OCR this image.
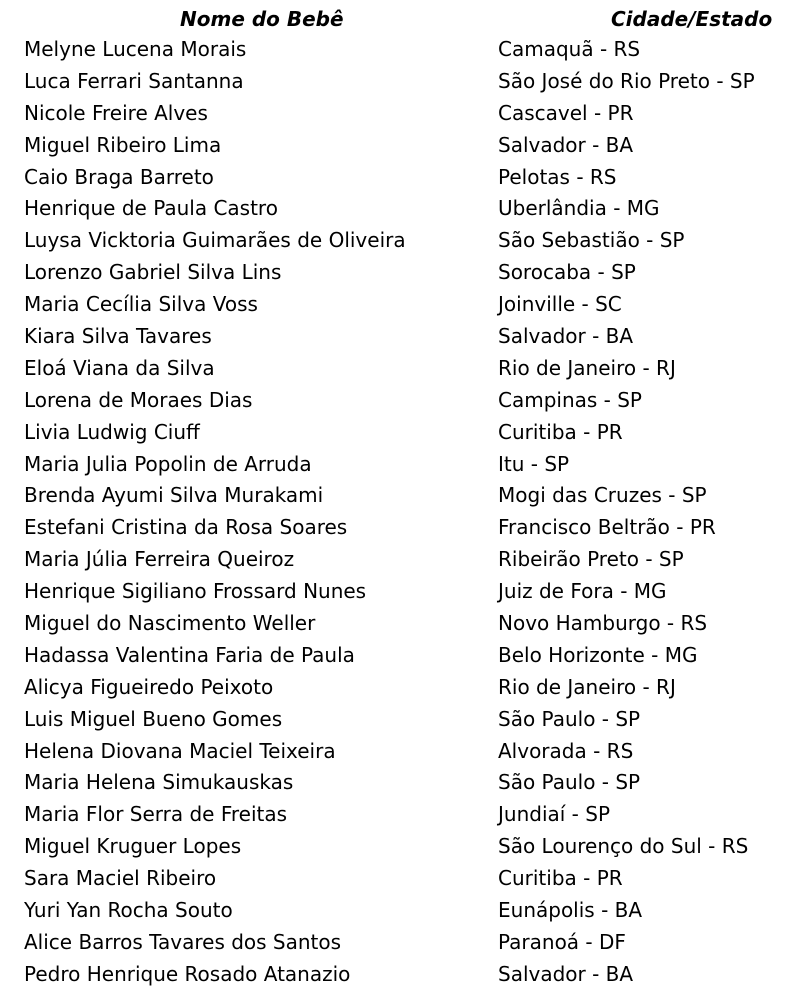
Nome do Bebê	Cidade/Estado
Melyne Lucena Morais	Camaquã - RS
Luca Ferrari Santanna	São José do Rio Preto - SP
Nicole Freire Alves	Cascavel - PR
Miguel Ribeiro Lima	Salvador - BA
Caio Braga Barreto	Pelotas - RS
Henrique de Paula Castro	Uberlândia - MG
Luysa Vicktoria Guimarães de Oliveira	São Sebastião - SP
Lorenzo Gabriel Silva Lins	Sorocaba - SP
Maria Cecília Silva Voss	Joinville - SC
Kiara Silva Tavares	Salvador - BA
Eloá Viana da Silva	Rio de Janeiro - RJ
Lorena de Moraes Dias	Campinas - SP
Livia Ludwig Ciuff	Curitiba - PR
Maria Julia Popolin de Arruda	Itu - SP
Brenda Ayumi Silva Murakami	Mogi das Cruzes - SP
Estefani Cristina da Rosa Soares	Francisco Beltrão - PR
Maria Júlia Ferreira Queiroz	Ribeirão Preto - SP
Henrique Sigiliano Frossard Nunes	Juiz de Fora - MG
Miguel do Nascimento Weller	Novo Hamburgo - RS
Hadassa Valentina Faria de Paula	Belo Horizonte - MG
Alicya Figueiredo Peixoto	Rio de Janeiro - RJ
Luis Miguel Bueno Gomes	São Paulo - SP
Helena Diovana Maciel Teixeira	Alvorada - RS
Maria Helena Simukauskas	São Paulo - SP
Maria Flor Serra de Freitas	Jundiaí - SP
Miguel Kruguer Lopes	São Lourenço do Sul - RS
Sara Maciel Ribeiro	Curitiba - PR
Yuri Yan Rocha Souto	Eunápolis - BA
Alice Barros Tavares dos Santos	Paranoá - DF
Pedro Henrique Rosado Atanazio	Salvador - BA
